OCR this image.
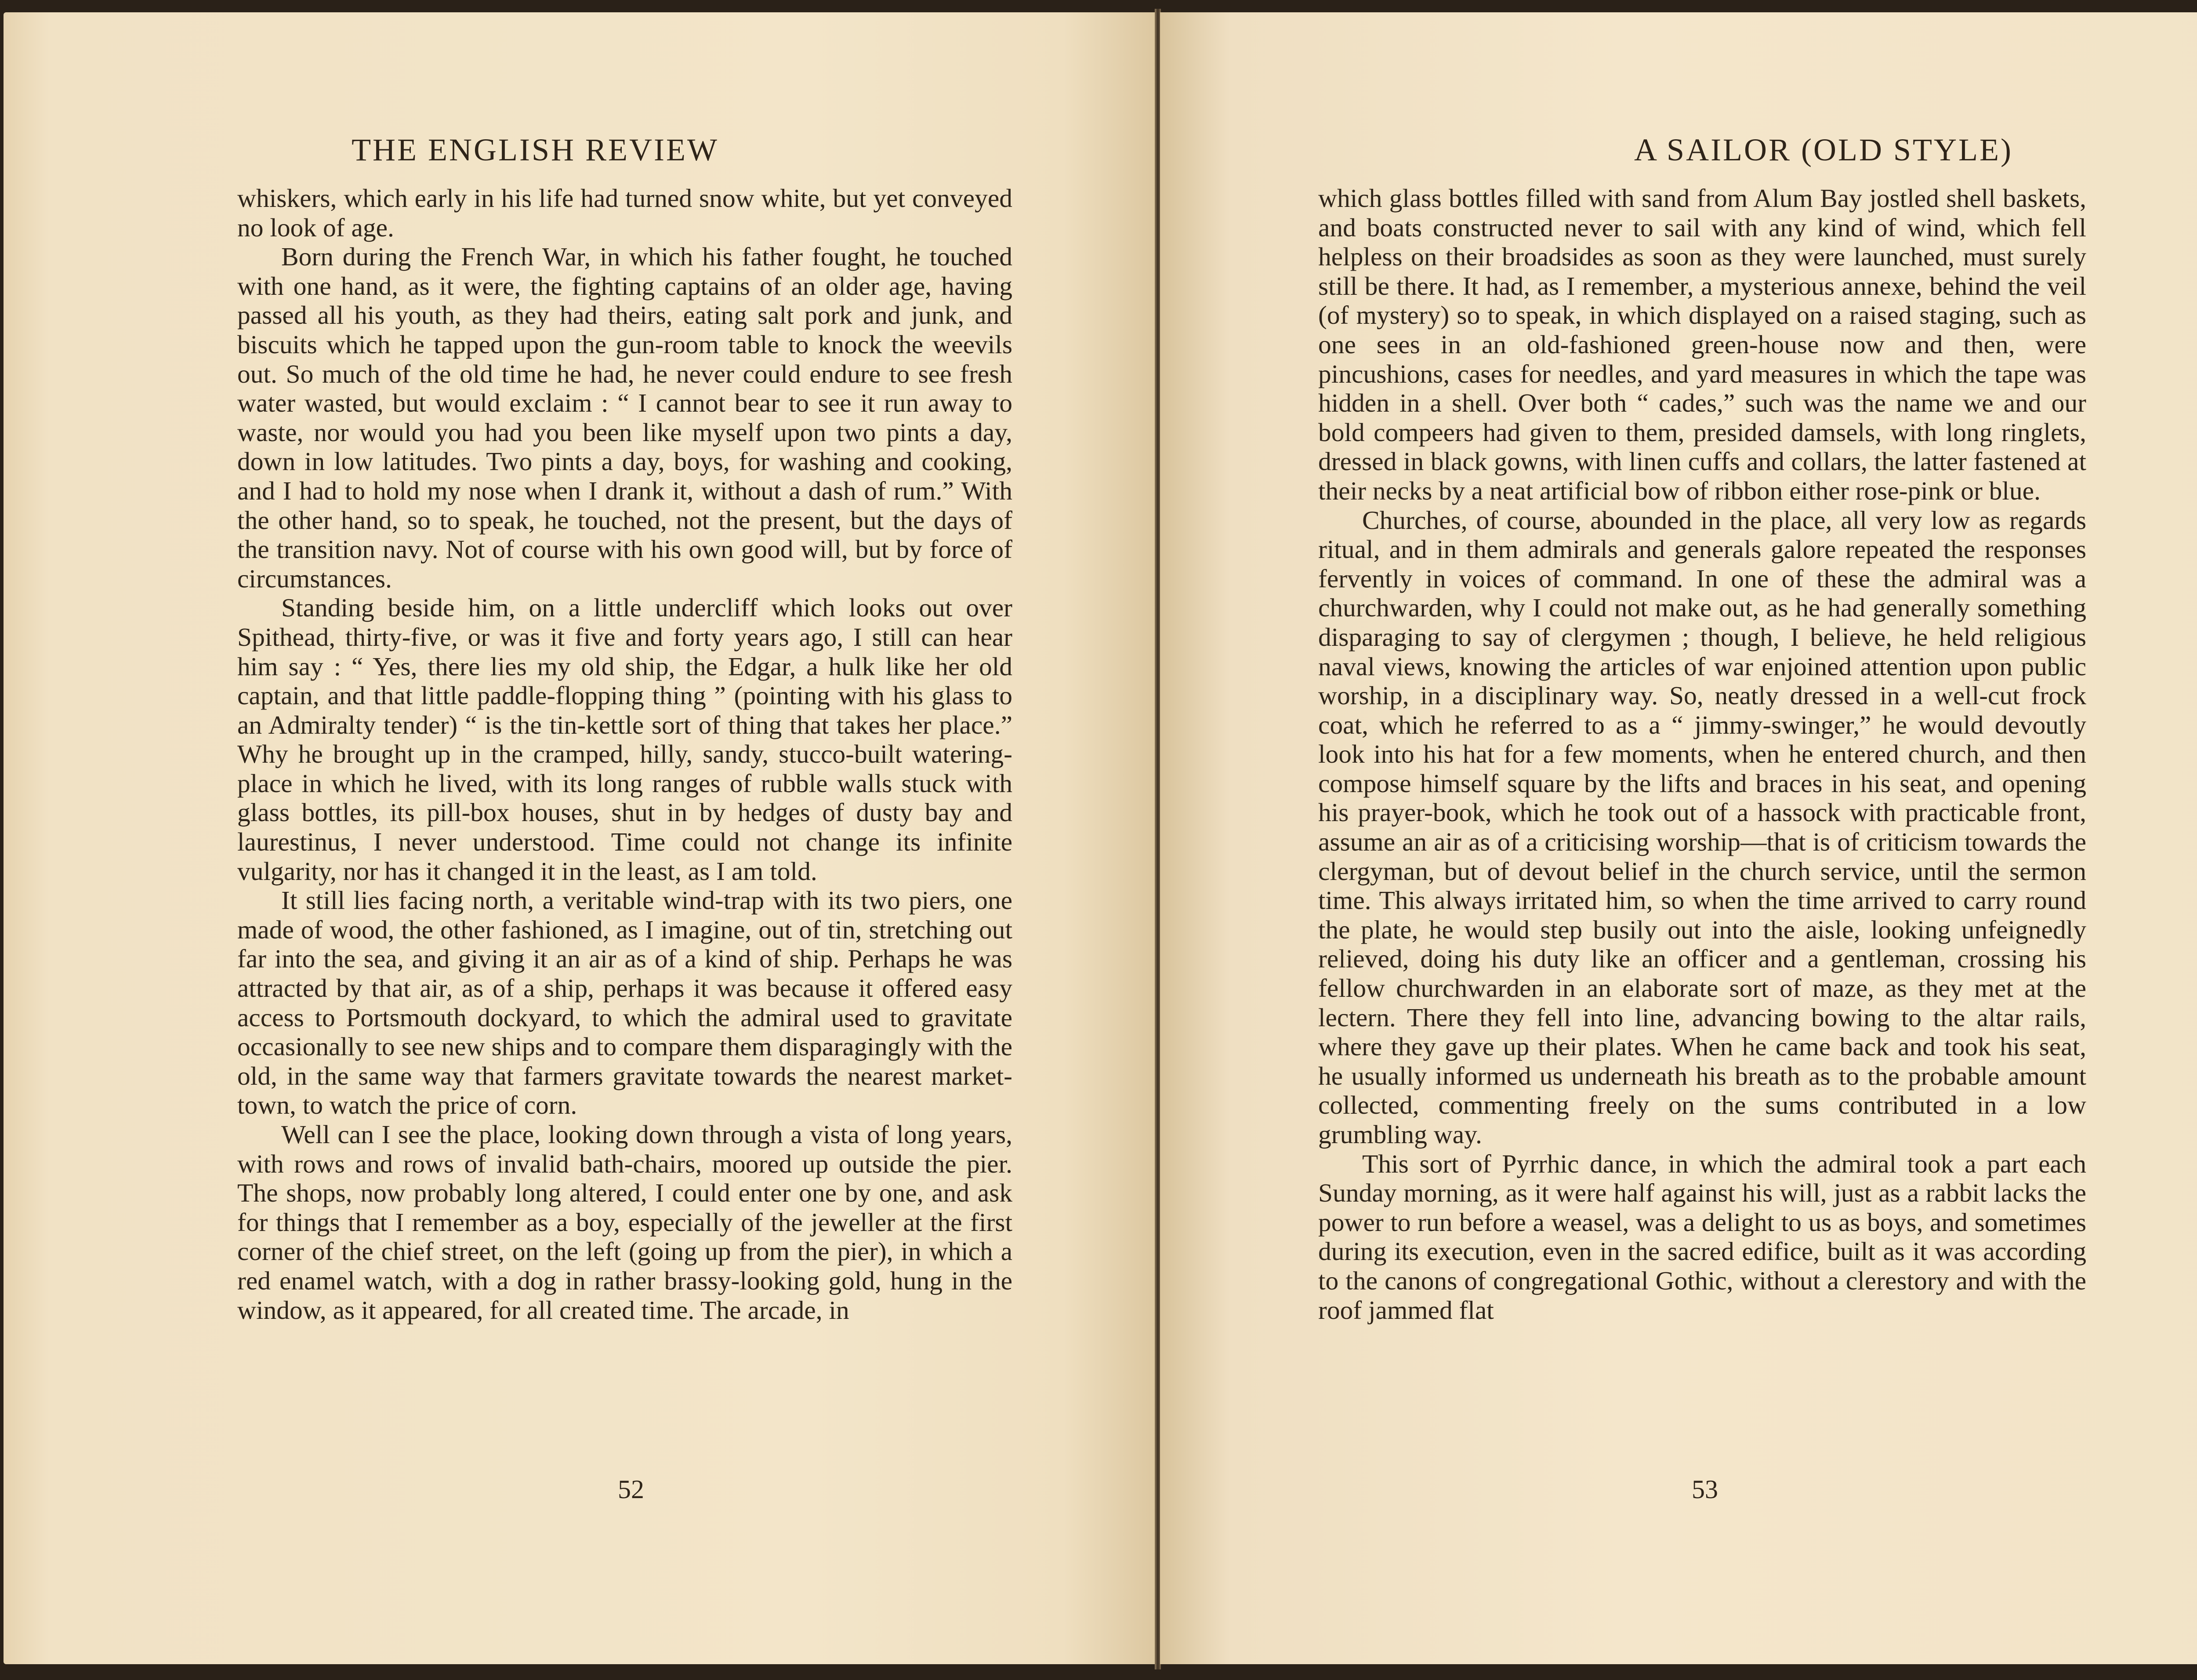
THE ENGLISH REVIEW

whiskers, which early in his life had turned snow white, but yet conveyed no look of age.

Born during the French War, in which his father fought, he touched with one hand, as it were, the fighting captains of an older age, having passed all his youth, as they had theirs, eating salt pork and junk, and biscuits which he tapped upon the gun-room table to knock the weevils out. So much of the old time he had, he never could endure to see fresh water wasted, but would exclaim : “ I cannot bear to see it run away to waste, nor would you had you been like myself upon two pints a day, down in low latitudes. Two pints a day, boys, for washing and cooking, and I had to hold my nose when I drank it, without a dash of rum.” With the other hand, so to speak, he touched, not the present, but the days of the transition navy. Not of course with his own good will, but by force of circumstances.

Standing beside him, on a little undercliff which looks out over Spithead, thirty-five, or was it five and forty years ago, I still can hear him say : “ Yes, there lies my old ship, the Edgar, a hulk like her old captain, and that little paddle-flopping thing ” (pointing with his glass to an Admiralty tender) “ is the tin-kettle sort of thing that takes her place.” Why he brought up in the cramped, hilly, sandy, stucco-built watering-place in which he lived, with its long ranges of rubble walls stuck with glass bottles, its pill-box houses, shut in by hedges of dusty bay and laurestinus, I never understood. Time could not change its infinite vulgarity, nor has it changed it in the least, as I am told.

It still lies facing north, a veritable wind-trap with its two piers, one made of wood, the other fashioned, as I imagine, out of tin, stretching out far into the sea, and giving it an air as of a kind of ship. Perhaps he was attracted by that air, as of a ship, perhaps it was because it offered easy access to Portsmouth dockyard, to which the admiral used to gravitate occasionally to see new ships and to compare them disparagingly with the old, in the same way that farmers gravitate towards the nearest market-town, to watch the price of corn.

Well can I see the place, looking down through a vista of long years, with rows and rows of invalid bath-chairs, moored up outside the pier. The shops, now probably long altered, I could enter one by one, and ask for things that I remember as a boy, especially of the jeweller at the first corner of the chief street, on the left (going up from the pier), in which a red enamel watch, with a dog in rather brassy-looking gold, hung in the window, as it appeared, for all created time. The arcade, in

52
A SAILOR (OLD STYLE)

which glass bottles filled with sand from Alum Bay jostled shell baskets, and boats constructed never to sail with any kind of wind, which fell helpless on their broadsides as soon as they were launched, must surely still be there. It had, as I remember, a mysterious annexe, behind the veil (of mystery) so to speak, in which displayed on a raised staging, such as one sees in an old-fashioned green-house now and then, were pincushions, cases for needles, and yard measures in which the tape was hidden in a shell. Over both “ cades,” such was the name we and our bold compeers had given to them, presided damsels, with long ringlets, dressed in black gowns, with linen cuffs and collars, the latter fastened at their necks by a neat artificial bow of ribbon either rose-pink or blue.

Churches, of course, abounded in the place, all very low as regards ritual, and in them admirals and generals galore repeated the responses fervently in voices of command. In one of these the admiral was a churchwarden, why I could not make out, as he had generally something disparaging to say of clergymen ; though, I believe, he held religious naval views, knowing the articles of war enjoined attention upon public worship, in a disciplinary way. So, neatly dressed in a well-cut frock coat, which he referred to as a “ jimmy-swinger,” he would devoutly look into his hat for a few moments, when he entered church, and then compose himself square by the lifts and braces in his seat, and opening his prayer-book, which he took out of a hassock with practicable front, assume an air as of a criticising worship—that is of criticism towards the clergyman, but of devout belief in the church service, until the sermon time. This always irritated him, so when the time arrived to carry round the plate, he would step busily out into the aisle, looking unfeignedly relieved, doing his duty like an officer and a gentleman, crossing his fellow churchwarden in an elaborate sort of maze, as they met at the lectern. There they fell into line, advancing bowing to the altar rails, where they gave up their plates. When he came back and took his seat, he usually informed us underneath his breath as to the probable amount collected, commenting freely on the sums contributed in a low grumbling way.

This sort of Pyrrhic dance, in which the admiral took a part each Sunday morning, as it were half against his will, just as a rabbit lacks the power to run before a weasel, was a delight to us as boys, and sometimes during its execution, even in the sacred edifice, built as it was according to the canons of congregational Gothic, without a clerestory and with the roof jammed flat

53
